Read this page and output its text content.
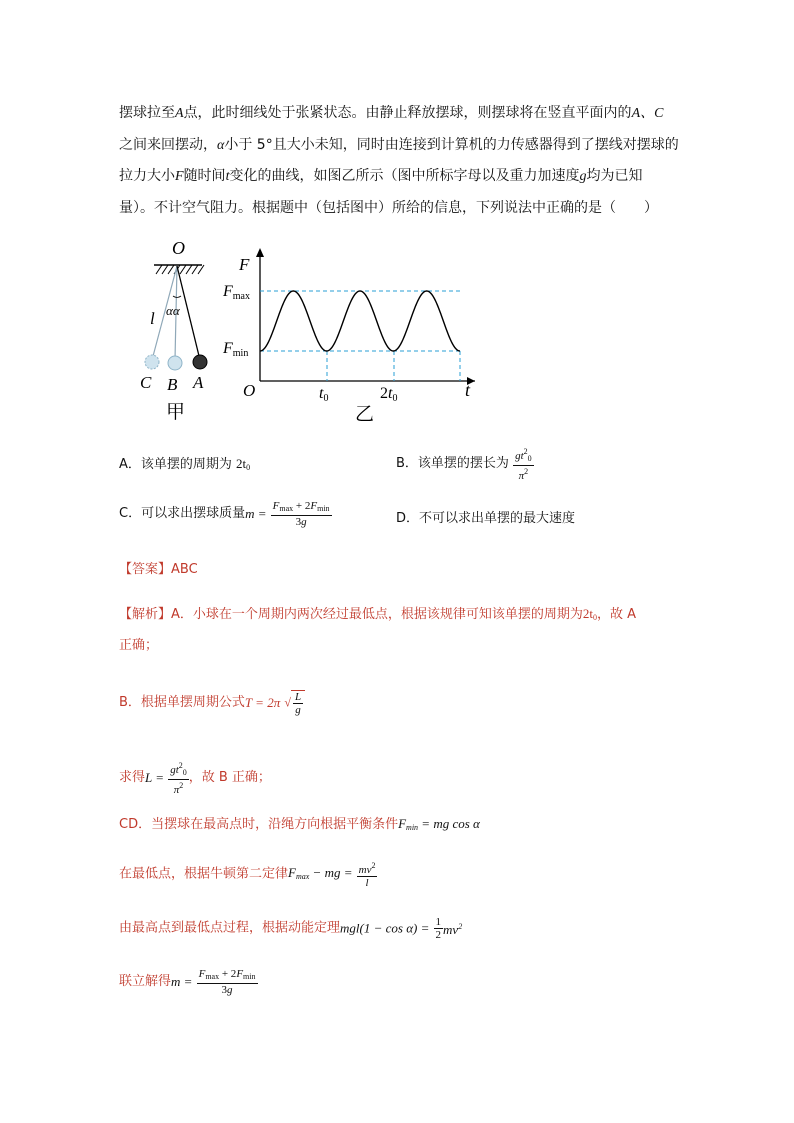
摆球拉至A点，此时细线处于张紧状态。由静止释放摆球，则摆球将在竖直平面内的A、C
之间来回摆动，α小于 5°且大小未知，同时由连接到计算机的力传感器得到了摆线对摆球的
拉力大小F随时间t变化的曲线，如图乙所示（图中所标字母以及重力加速度g均为已知
量）。不计空气阻力。根据题中（包括图中）所给的信息，下列说法中正确的是（　　）
O
l αα
C B A
甲
F
Fmax
Fmin
O	t0	2t0	t
乙
A．该单摆的周期为 $2t_0$	B．该单摆的摆长为 $\frac{gt^2_0}{\pi^2}$
C．可以求出摆球质量$m = \frac{F_{max} + 2F_{min}}{3g}$	D．不可以求出单摆的最大速度
【答案】ABC
【解析】A．小球在一个周期内两次经过最低点，根据该规律可知该单摆的周期为$2t_0$，故 A
正确；
B．根据单摆周期公式T = 2π √ $\frac{L}{g}$
求得$L = \frac{gt^2_0}{\pi^2}$ ，故 B 正确；
CD．当摆球在最高点时，沿绳方向根据平衡条件$F_{min}$ = mg cos α
在最低点，根据牛顿第二定律$F_{max}$ − mg = $\frac{mv^2}{l}$
由最高点到最低点过程，根据动能定理$mgl(1 - \cos \alpha) = \frac{1}{2} mv^2$
联立解得$m = \frac{F_{max} + 2F_{min}}{3g}$
